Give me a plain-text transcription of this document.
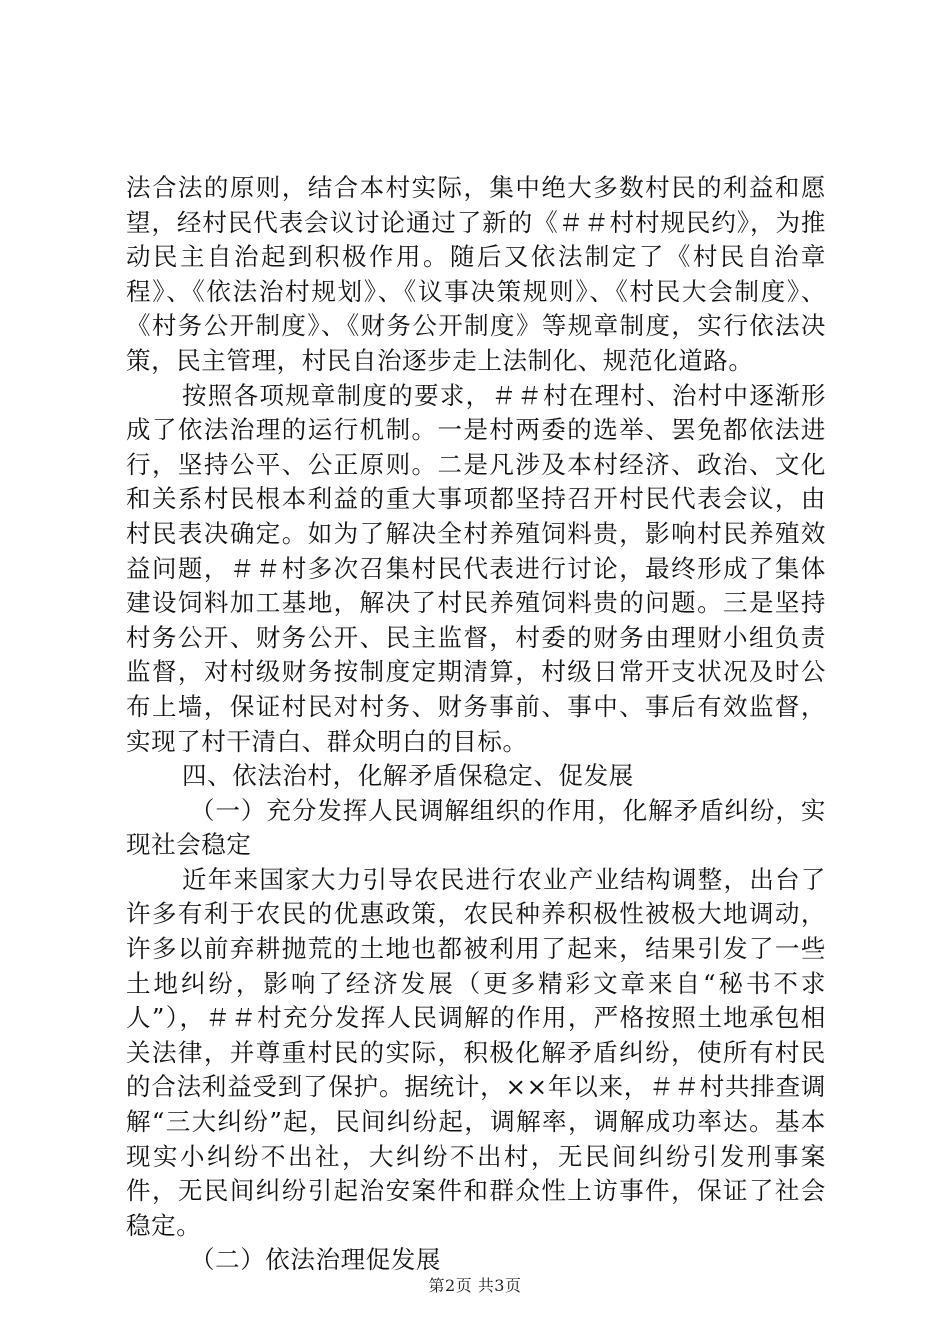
法合法的原则，结合本村实际，集中绝大多数村民的利益和愿望，经村民代表会议讨论通过了新的《＃＃村村规民约》，为推动民主自治起到积极作用。随后又依法制定了《村民自治章程》、《依法治村规划》、《议事决策规则》、《村民大会制度》、《村务公开制度》、《财务公开制度》等规章制度，实行依法决策，民主管理，村民自治逐步走上法制化、规范化道路。

按照各项规章制度的要求，＃＃村在理村、治村中逐渐形成了依法治理的运行机制。一是村两委的选举、罢免都依法进行，坚持公平、公正原则。二是凡涉及本村经济、政治、文化和关系村民根本利益的重大事项都坚持召开村民代表会议，由村民表决确定。如为了解决全村养殖饲料贵，影响村民养殖效益问题，＃＃村多次召集村民代表进行讨论，最终形成了集体建设饲料加工基地，解决了村民养殖饲料贵的问题。三是坚持村务公开、财务公开、民主监督，村委的财务由理财小组负责监督，对村级财务按制度定期清算，村级日常开支状况及时公布上墙，保证村民对村务、财务事前、事中、事后有效监督，实现了村干清白、群众明白的目标。

四、依法治村，化解矛盾保稳定、促发展

（一）充分发挥人民调解组织的作用，化解矛盾纠纷，实现社会稳定

近年来国家大力引导农民进行农业产业结构调整，出台了许多有利于农民的优惠政策，农民种养积极性被极大地调动，许多以前弃耕抛荒的土地也都被利用了起来，结果引发了一些土地纠纷，影响了经济发展（更多精彩文章来自“秘书不求人”），＃＃村充分发挥人民调解的作用，严格按照土地承包相关法律，并尊重村民的实际，积极化解矛盾纠纷，使所有村民的合法利益受到了保护。据统计，××年以来，＃＃村共排查调解“三大纠纷”起，民间纠纷起，调解率，调解成功率达。基本现实小纠纷不出社，大纠纷不出村，无民间纠纷引发刑事案件，无民间纠纷引起治安案件和群众性上访事件，保证了社会稳定。

（二）依法治理促发展

第2页 共3页
